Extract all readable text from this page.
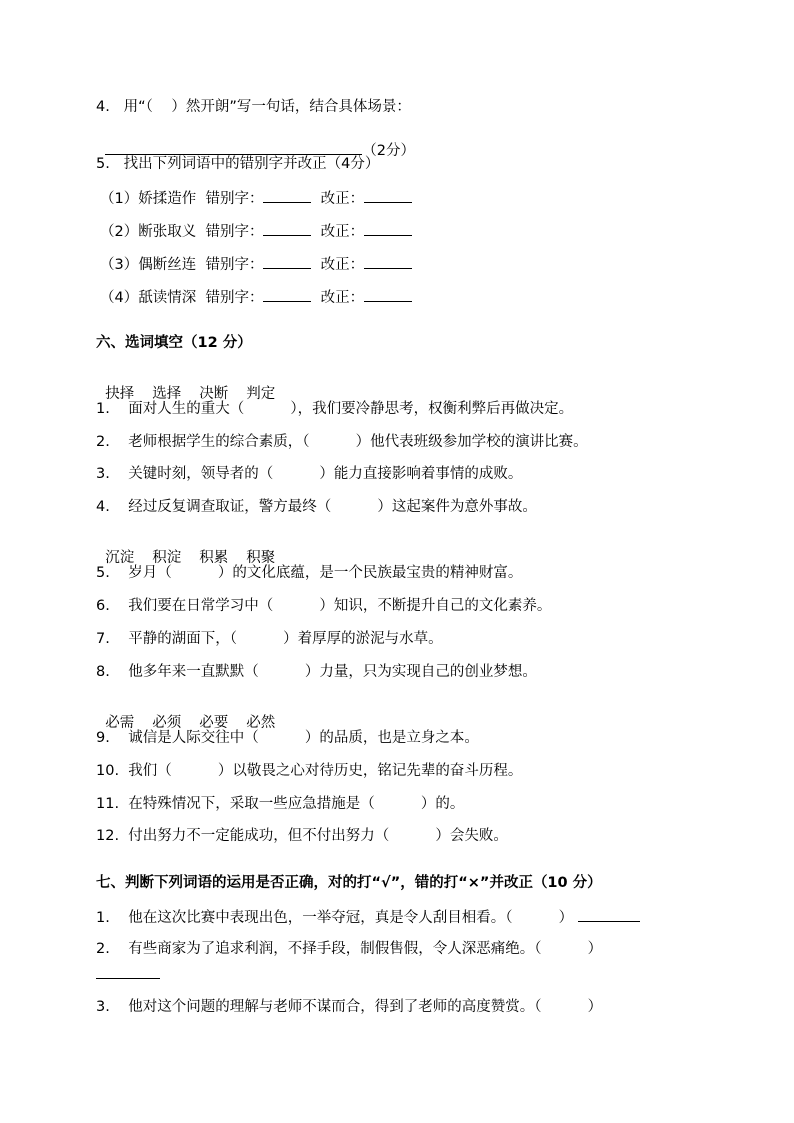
4.   用“（    ）然开朗”写一句话，结合具体场景：

（2分）

5.   找出下列词语中的错别字并改正（4分）
（1）娇揉造作  错别字：	改正：
（2）断张取义  错别字：	改正：
（3）偶断丝连  错别字：	改正：
（4）舐读情深  错别字：	改正：
六、选词填空（12 分）

抉择 选择 决断 判定

1.    面对人生的重大（          ），我们要冷静思考，权衡利弊后再做决定。
2.    老师根据学生的综合素质，（          ）他代表班级参加学校的演讲比赛。
3.    关键时刻，领导者的（          ）能力直接影响着事情的成败。
4.    经过反复调查取证，警方最终（          ）这起案件为意外事故。

沉淀 积淀 积累 积聚

5.    岁月（          ）的文化底蕴，是一个民族最宝贵的精神财富。
6.    我们要在日常学习中（          ）知识，不断提升自己的文化素养。
7.    平静的湖面下，（          ）着厚厚的淤泥与水草。
8.    他多年来一直默默（          ）力量，只为实现自己的创业梦想。

必需 必须 必要 必然

9.    诚信是人际交往中（          ）的品质，也是立身之本。
10.  我们（          ）以敬畏之心对待历史，铭记先辈的奋斗历程。
11.  在特殊情况下，采取一些应急措施是（          ）的。
12.  付出努力不一定能成功，但不付出努力（          ）会失败。
七、判断下列词语的运用是否正确，对的打“√”，错的打“×”并改正（10 分）
1.    他在这次比赛中表现出色，一举夺冠，真是令人刮目相看。（          ）
2.    有些商家为了追求利润，不择手段，制假售假，令人深恶痛绝。（          ）
3.    他对这个问题的理解与老师不谋而合，得到了老师的高度赞赏。（          ）
